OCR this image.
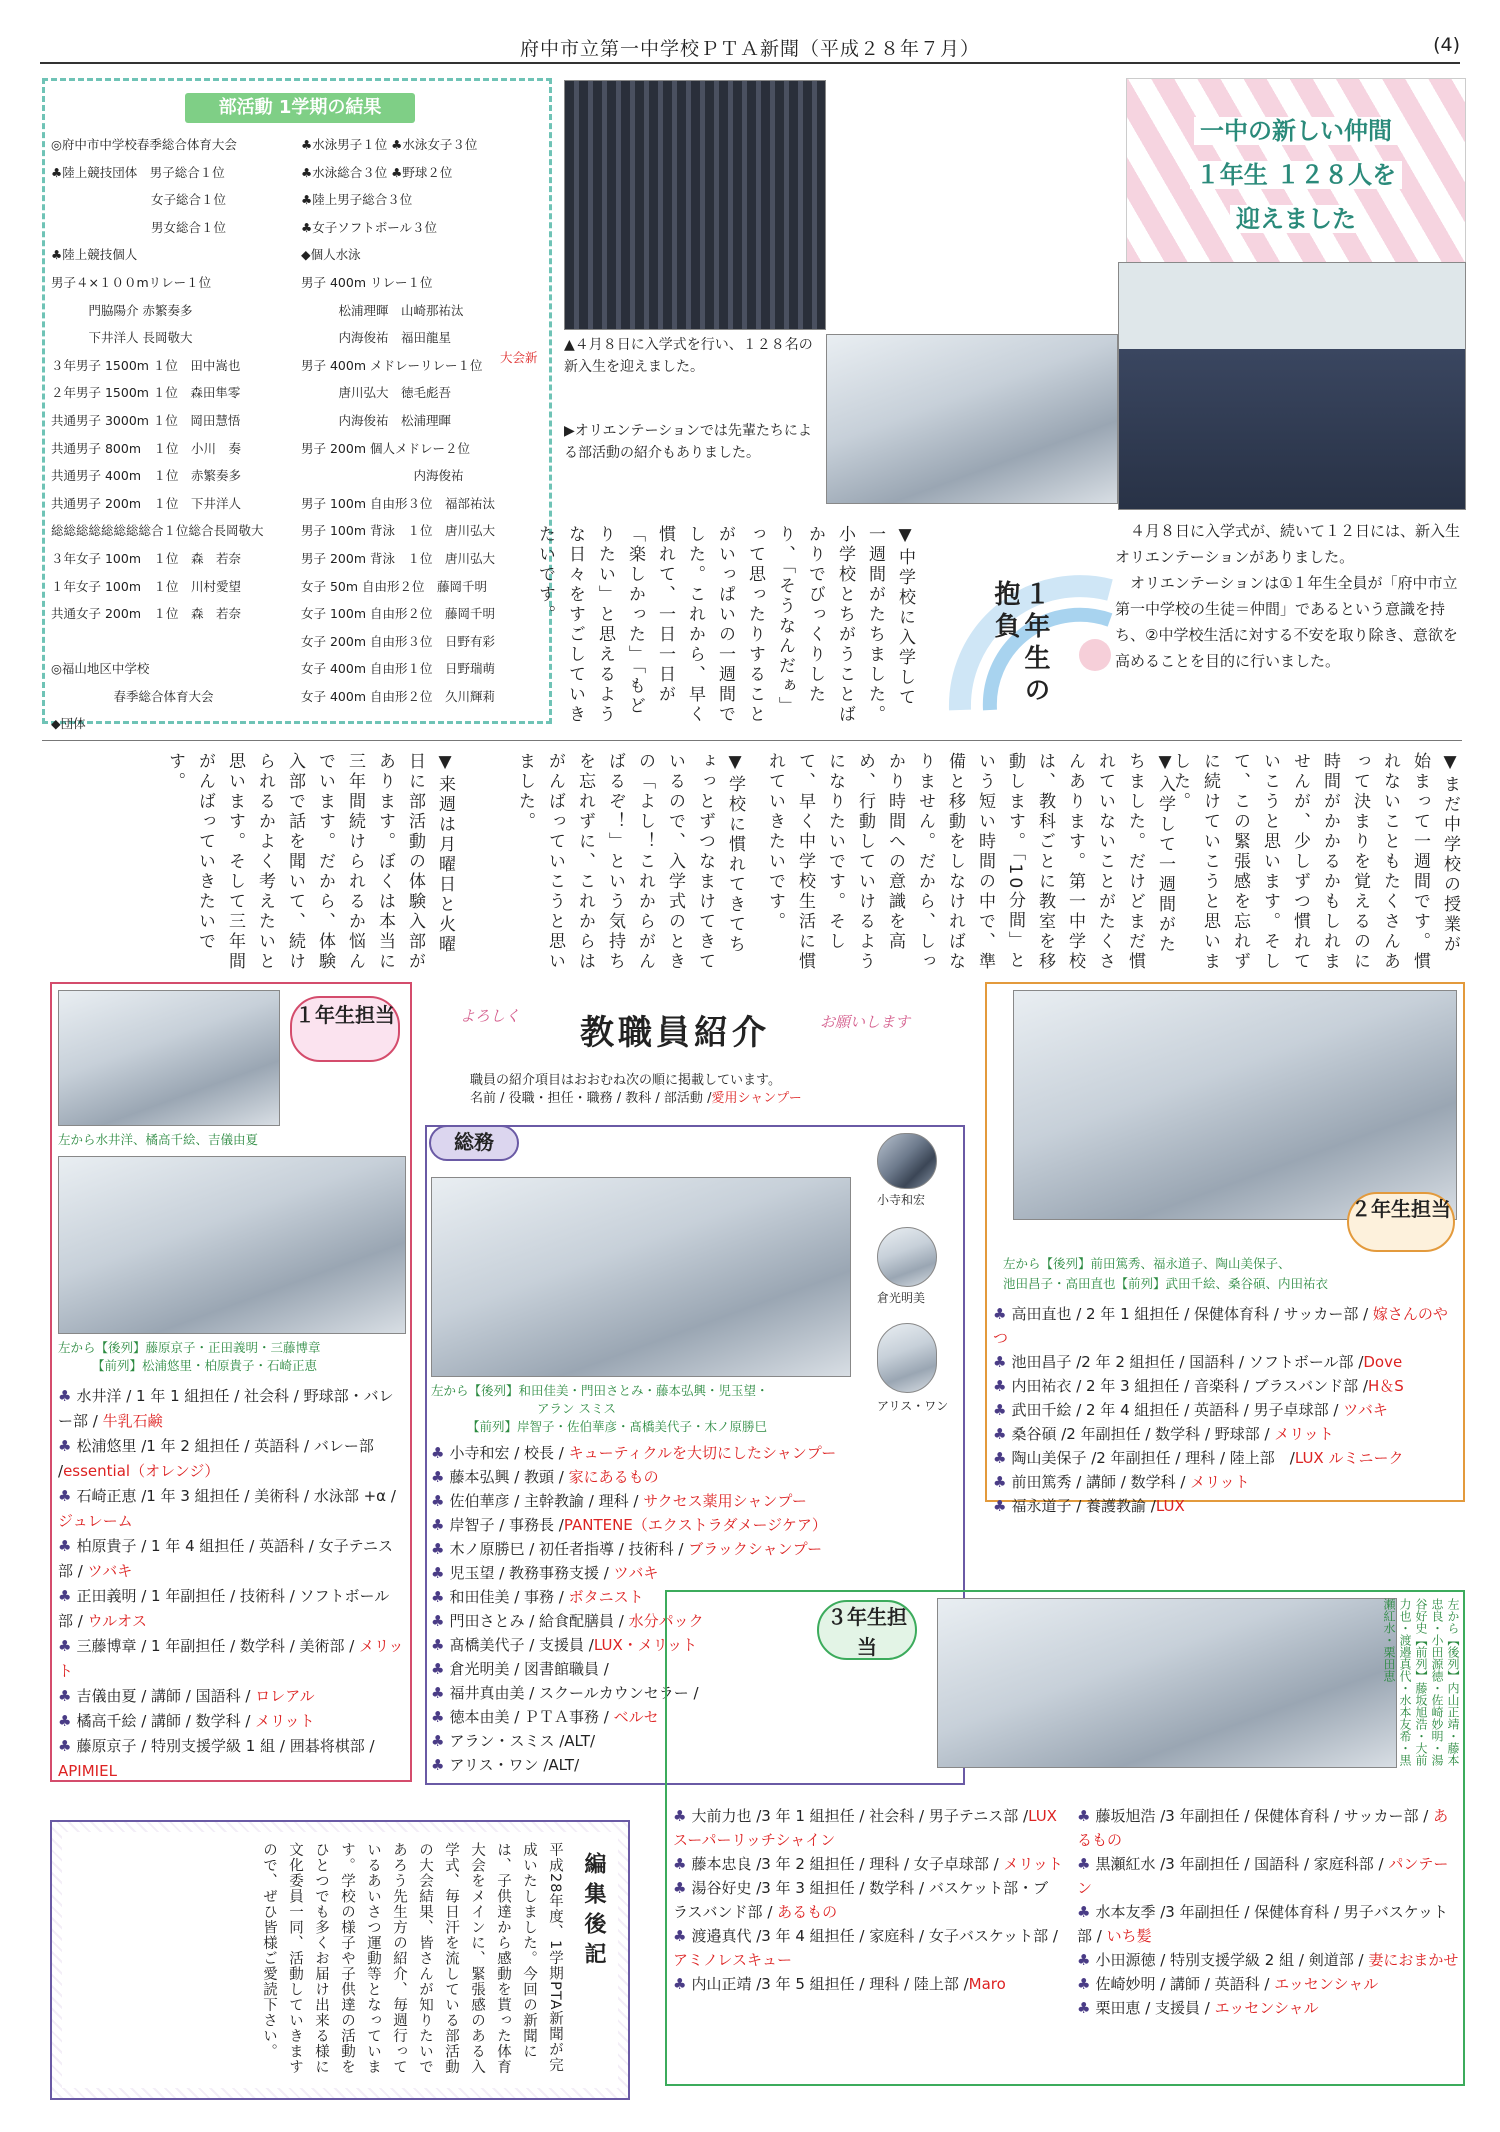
府中市立第一中学校ＰＴＡ新聞（平成２８年７月）	(4)
部活動 1学期の結果
◎府中市中学校春季総合体育大会
♣陸上競技団体　男子総合１位
　　　　　　　　女子総合１位
　　　　　　　　男女総合１位
♣陸上競技個人
男子４×１００mリレー１位
　　　門脇陽介 赤繁奏多
　　　下井洋人 長岡敬大
３年男子 1500m １位　田中嵩也
２年男子 1500m １位　森田隼零
共通男子 3000m １位　岡田慧悟
共通男子 800m　１位　小川　奏
共通男子 400m　１位　赤繁奏多
共通男子 200m　１位　下井洋人
総総総総総総総総合１位総合長岡敬大
３年女子 100m　１位　森　若奈
１年女子 100m　１位　川村愛望
共通女子 200m　１位　森　若奈

◎福山地区中学校
　　　　　春季総合体育大会
◆団体
♣水泳男子１位 ♣水泳女子３位
♣水泳総合３位 ♣野球２位
♣陸上男子総合３位
♣女子ソフトボール３位
◆個人水泳
男子 400m リレー１位
　　　松浦理暉　山崎那祐汰
　　　内海俊祐　福田龍星
男子 400m メドレーリレー１位
　　　唐川弘大　徳毛彪吾
　　　内海俊祐　松浦理暉
男子 200m 個人メドレー２位
　　　　　　　　　内海俊祐
男子 100m 自由形３位　福部祐汰
男子 100m 背泳　１位　唐川弘大
男子 200m 背泳　１位　唐川弘大
女子 50m 自由形２位　藤岡千明
女子 100m 自由形２位　藤岡千明
女子 200m 自由形３位　日野有彩
女子 400m 自由形１位　日野瑞萌
女子 400m 自由形２位　久川輝莉
大会新
▲４月８日に入学式を行い、１２８名の新入生を迎えました。
▶オリエンテーションでは先輩たちによる部活動の紹介もありました。
一中の新しい仲間
１年生 １２８人を
迎えました
　４月８日に入学式が、続いて１２日には、新入生オリエンテーションがありました。
　オリエンテーションは①１年生全員が「府中市立第一中学校の生徒＝仲間」であるという意識を持ち、②中学校生活に対する不安を取り除き、意欲を高めることを目的に行いました。
１年生の抱負
▼中学校に入学して一週間がたちました。小学校とちがうことばかりでびっくりしたり、「そうなんだぁ」って思ったりすることがいっぱいの一週間でした。これから、早く慣れて、一日一日が「楽しかった」「もどりたい」と思えるような日々をすごしていきたいです。
▼まだ中学校の授業が始まって一週間です。慣れないこともたくさんあって決まりを覚えるのに時間がかかるかもしれませんが、少しずつ慣れていこうと思います。そして、この緊張感を忘れずに続けていこうと思いました。
▼入学して一週間がたちました。だけどまだ慣れていないことがたくさんあります。第一中学校は、教科ごとに教室を移動します。「10分間」という短い時間の中で、準備と移動をしなければなりません。だから、しっかり時間への意識を高め、行動していけるようになりたいです。そして、早く中学校生活に慣れていきたいです。
▼学校に慣れてきてちょっとずつなまけてきているので、入学式のときの「よし！これからがんばるぞ！」という気持ちを忘れずに、これからはがんばっていこうと思いました。
▼来週は月曜日と火曜日に部活動の体験入部があります。ぼくは本当に三年間続けられるか悩んでいます。だから、体験入部で話を聞いて、続けられるかよく考えたいと思います。そして三年間がんばっていきたいです。
よろしく 教職員紹介	お願いします
職員の紹介項目はおおむね次の順に掲載しています。
名前 / 役職・担任・職務 / 教科 / 部活動 /愛用シャンプー
１年生担当
左から水井洋、橘高千絵、吉儀由夏
左から【後列】藤原京子・正田義明・三藤博章
【前列】松浦悠里・柏原貴子・石崎正恵
♣ 水井洋 / 1 年 1 組担任 / 社会科 / 野球部・バレー部 / 牛乳石鹸
♣ 松浦悠里 /1 年 2 組担任 / 英語科 / バレー部 /essential（オレンジ）
♣ 石崎正恵 /1 年 3 組担任 / 美術科 / 水泳部 +α / ジュレーム
♣ 柏原貴子 / 1 年 4 組担任 / 英語科 / 女子テニス部 / ツバキ
♣ 正田義明 / 1 年副担任 / 技術科 / ソフトボール部 / ウルオス
♣ 三藤博章 / 1 年副担任 / 数学科 / 美術部 / メリット
♣ 吉儀由夏 / 講師 / 国語科 / ロレアル
♣ 橘高千絵 / 講師 / 数学科 / メリット
♣ 藤原京子 / 特別支援学級 1 組 / 囲碁将棋部 / APIMIEL
総務
小寺和宏
倉光明美
アリス・ワン
左から【後列】和田佳美・門田さとみ・藤本弘興・児玉望・
アラン スミス
【前列】岸智子・佐伯華彦・髙橋美代子・木ノ原勝巳
♣ 小寺和宏 / 校長 / キューティクルを大切にしたシャンプー
♣ 藤本弘興 / 教頭 / 家にあるもの
♣ 佐伯華彦 / 主幹教諭 / 理科 / サクセス薬用シャンプー
♣ 岸智子 / 事務長 /PANTENE（エクストラダメージケア）
♣ 木ノ原勝巳 / 初任者指導 / 技術科 / ブラックシャンプー
♣ 児玉望 / 教務事務支援 / ツバキ
♣ 和田佳美 / 事務 / ボタニスト
♣ 門田さとみ / 給食配膳員 / 水分パック
♣ 髙橋美代子 / 支援員 /LUX・メリット
♣ 倉光明美 / 図書館職員 /
♣ 福井真由美 / スクールカウンセラー /
♣ 徳本由美 / ＰＴＡ事務 / ベルセ
♣ アラン・スミス /ALT/
♣ アリス・ワン /ALT/
２年生担当
左から【後列】前田篤秀、福永道子、陶山美保子、
池田昌子・高田直也【前列】武田千絵、桑谷碩、内田祐衣
♣ 高田直也 / 2 年 1 組担任 / 保健体育科 / サッカー部 / 嫁さんのやつ
♣ 池田昌子 /2 年 2 組担任 / 国語科 / ソフトボール部 /Dove
♣ 内田祐衣 / 2 年 3 組担任 / 音楽科 / ブラスバンド部 /H＆S
♣ 武田千絵 / 2 年 4 組担任 / 英語科 / 男子卓球部 / ツバキ
♣ 桑谷碩 /2 年副担任 / 数学科 / 野球部 / メリット
♣ 陶山美保子 /2 年副担任 / 理科 / 陸上部　/LUX ルミニーク
♣ 前田篤秀 / 講師 / 数学科 / メリット
♣ 福永道子 / 養護教諭 /LUX
３年生担当	左から【後列】内山正靖・藤本忠良・小田源徳・佐崎妙明・湯谷好史【前列】藤坂旭浩・大前力也・渡邉真代・水本友希・黒瀬紅水・栗田恵
♣ 大前力也 /3 年 1 組担任 / 社会科 / 男子テニス部 /LUX スーパーリッチシャイン
♣ 藤本忠良 /3 年 2 組担任 / 理科 / 女子卓球部 / メリット
♣ 湯谷好史 /3 年 3 組担任 / 数学科 / バスケット部・ブラスバンド部 / あるもの
♣ 渡邉真代 /3 年 4 組担任 / 家庭科 / 女子バスケット部 / アミノレスキュー
♣ 内山正靖 /3 年 5 組担任 / 理科 / 陸上部 /Maro
♣ 藤坂旭浩 /3 年副担任 / 保健体育科 / サッカー部 / あるもの
♣ 黒瀬紅水 /3 年副担任 / 国語科 / 家庭科部 / パンテーン
♣ 水本友季 /3 年副担任 / 保健体育科 / 男子バスケット部 / いち髪
♣ 小田源徳 / 特別支援学級 2 組 / 剣道部 / 妻におまかせ
♣ 佐崎妙明 / 講師 / 英語科 / エッセンシャル
♣ 栗田恵 / 支援員 / エッセンシャル
編集後記
平成28年度、1学期PTA新聞が完成いたしました。今回の新聞には、子供達から感動を貰った体育大会をメインに、緊張感のある入学式、毎日汗を流している部活動の大会結果、皆さんが知りたいであろう先生方の紹介、毎週行っているあいさつ運動等となっています。学校の様子や子供達の活動をひとつでも多くお届け出来る様に文化委員一同、活動していきますので、ぜひ皆様ご愛読下さい。
